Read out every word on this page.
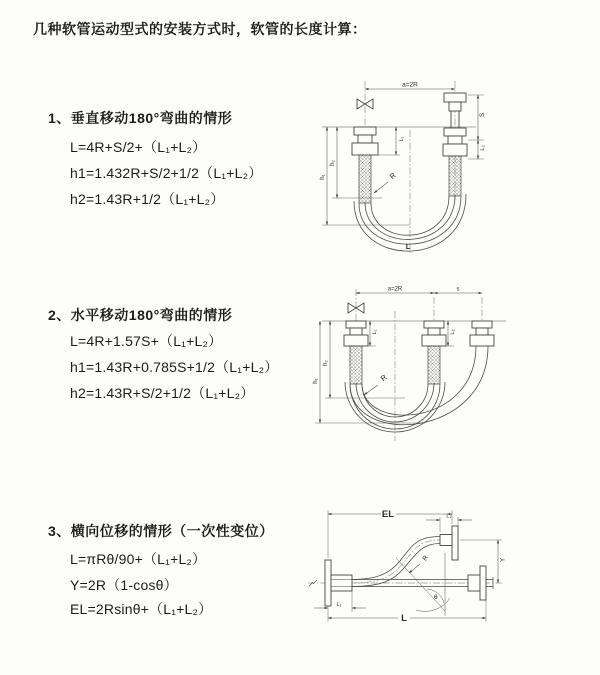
几种软管运动型式的安装方式时，软管的长度计算：
1、垂直移动180°弯曲的情形
L=4R+S/2+（L₁+L₂）
h1=1.432R+S/2+1/2（L₁+L₂）
h2=1.43R+1/2（L₁+L₂）
2、水平移动180°弯曲的情形
L=4R+1.57S+（L₁+L₂）
h1=1.43R+0.785S+1/2（L₁+L₂）
h2=1.43R+S/2+1/2（L₁+L₂）
3、横向位移的情形（一次性变位）
L=πRθ/90+（L₁+L₂）
Y=2R（1-cosθ）
EL=2Rsinθ+（L₁+L₂）
a=2R
S
L₂
L₁
h₁
h₂
R
L
a=2R	s
h₁
h₂
L₁	L₂
R
EL	L₂
Y
R
θ
L
L₁
